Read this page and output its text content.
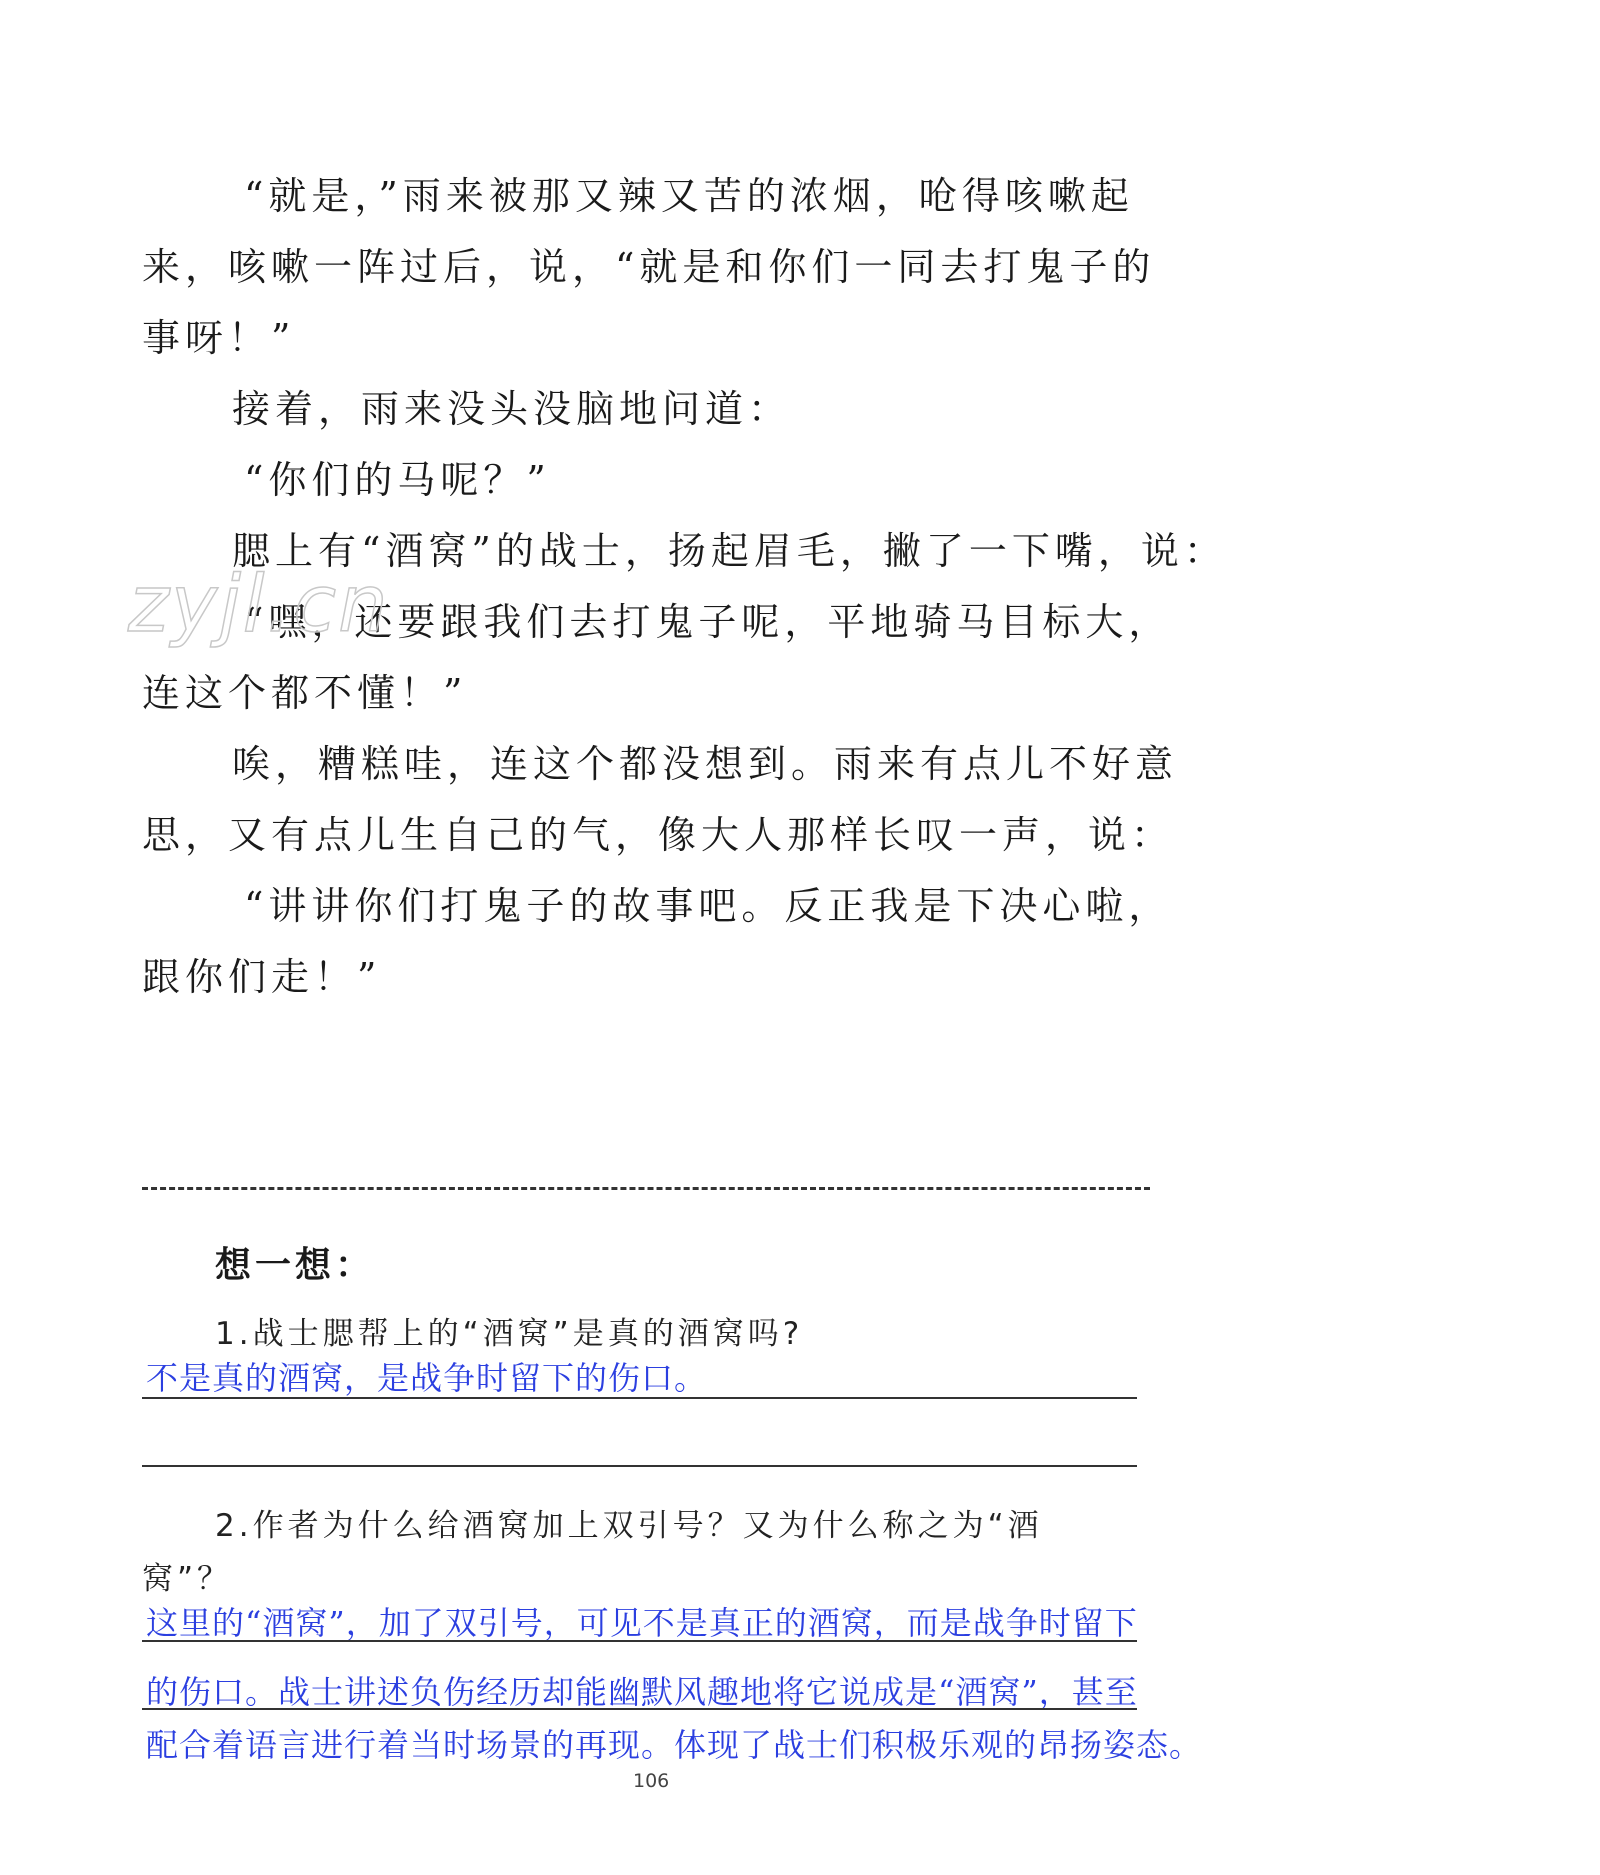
“就是，”雨来被那又辣又苦的浓烟，呛得咳嗽起
来，咳嗽一阵过后，说，“就是和你们一同去打鬼子的
事呀！”
接着，雨来没头没脑地问道：
“你们的马呢？”
腮上有“酒窝”的战士，扬起眉毛，撇了一下嘴，说：
“嘿，还要跟我们去打鬼子呢，平地骑马目标大，
连这个都不懂！”
唉，糟糕哇，连这个都没想到。雨来有点儿不好意
思，又有点儿生自己的气，像大人那样长叹一声，说：
“讲讲你们打鬼子的故事吧。反正我是下决心啦，
跟你们走！”
zyjl.cn
想一想：
1.战士腮帮上的“酒窝”是真的酒窝吗?
不是真的酒窝，是战争时留下的伤口。
2.作者为什么给酒窝加上双引号？又为什么称之为“酒
窝”？
这里的“酒窝”，加了双引号，可见不是真正的酒窝，而是战争时留下
的伤口。战士讲述负伤经历却能幽默风趣地将它说成是“酒窝”，甚至
配合着语言进行着当时场景的再现。体现了战士们积极乐观的昂扬姿态。
106
